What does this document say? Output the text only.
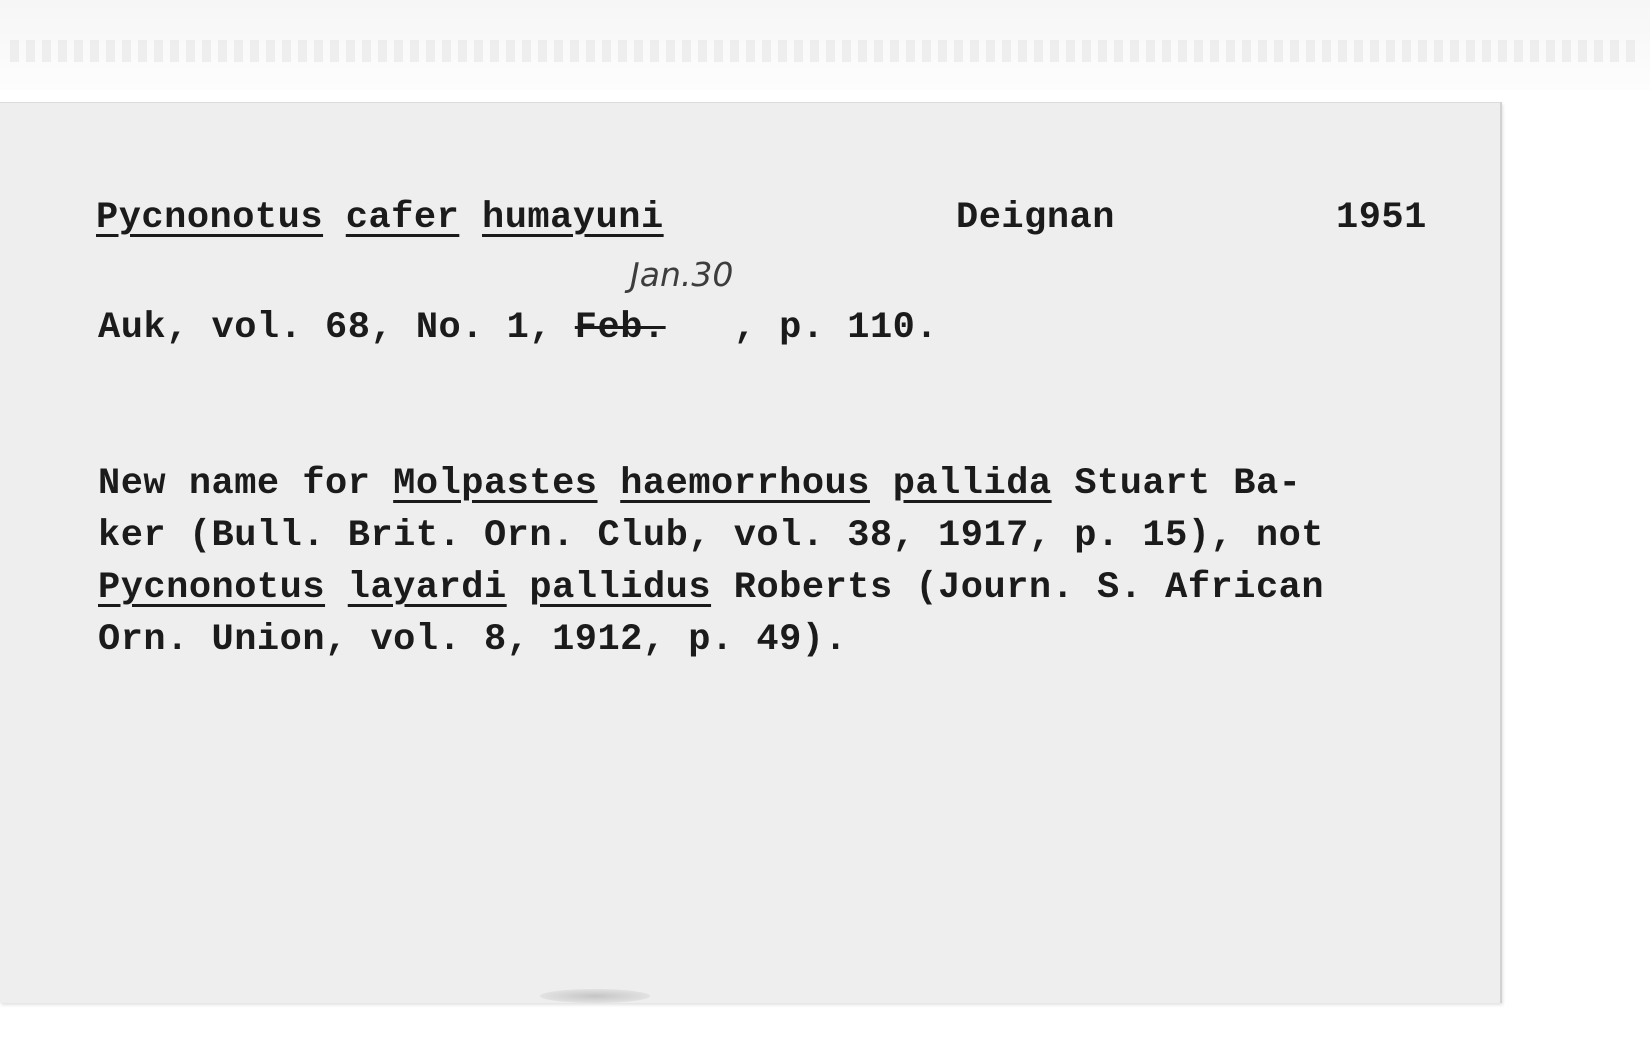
Pycnonotus cafer humayuni	Deignan	1951
Jan.30
Auk, vol. 68, No. 1, Feb. , p. 110.
New name for Molpastes haemorrhous pallida Stuart Ba-
ker (Bull. Brit. Orn. Club, vol. 38, 1917, p. 15), not
Pycnonotus layardi pallidus Roberts (Journ. S. African
Orn. Union, vol. 8, 1912, p. 49).
